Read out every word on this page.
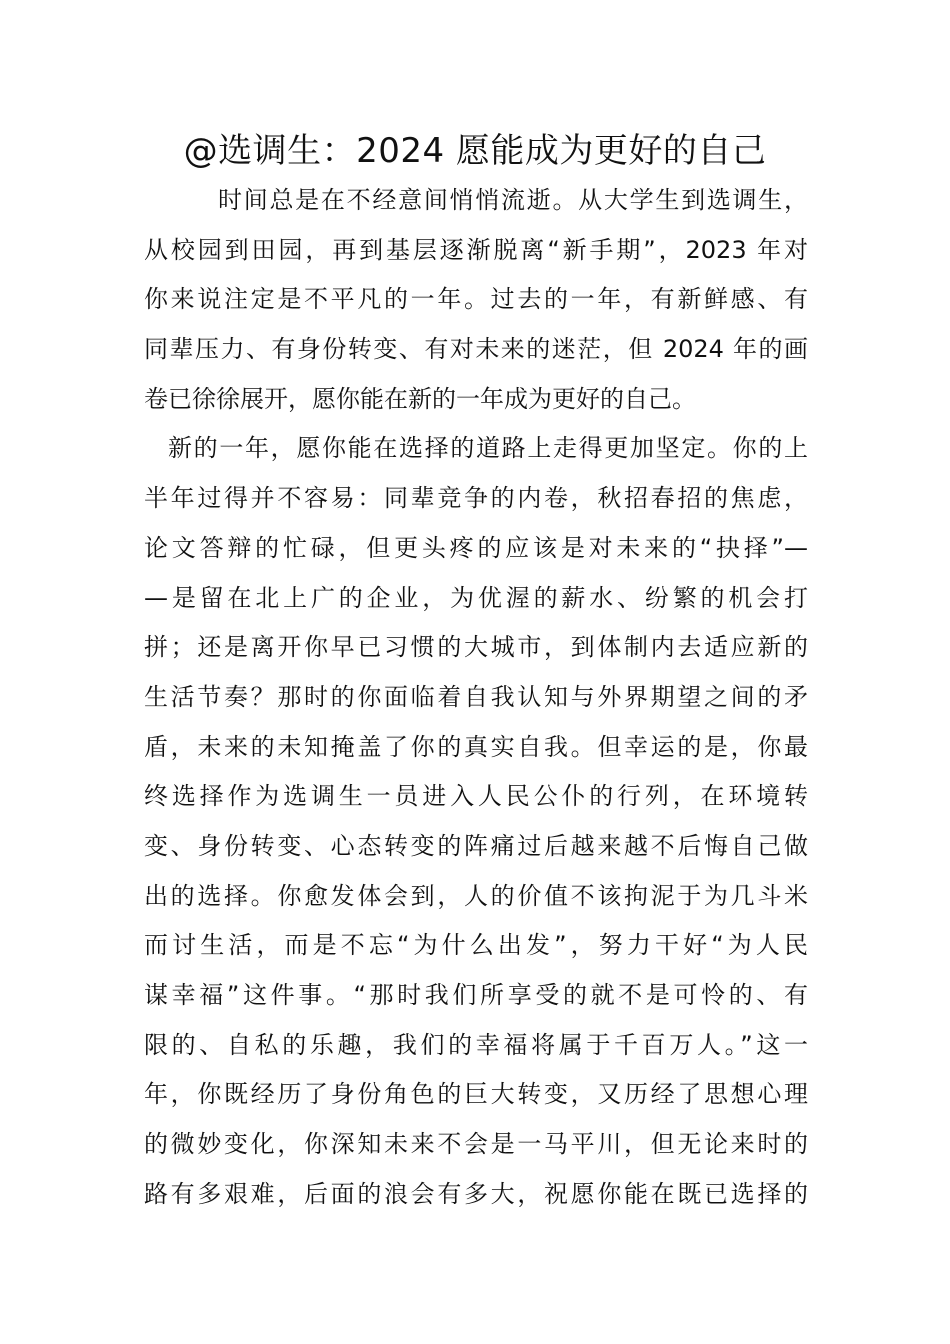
@选调生：2024 愿能成为更好的自己

时间总是在不经意间悄悄流逝。从大学生到选调生，

从校园到田园，再到基层逐渐脱离“新手期”，2023 年对

你来说注定是不平凡的一年。过去的一年，有新鲜感、有

同辈压力、有身份转变、有对未来的迷茫，但 2024 年的画

卷已徐徐展开，愿你能在新的一年成为更好的自己。

新的一年，愿你能在选择的道路上走得更加坚定。你的上

半年过得并不容易：同辈竞争的内卷，秋招春招的焦虑，

论文答辩的忙碌，但更头疼的应该是对未来的“抉择”—

—是留在北上广的企业，为优渥的薪水、纷繁的机会打

拼；还是离开你早已习惯的大城市，到体制内去适应新的

生活节奏？那时的你面临着自我认知与外界期望之间的矛

盾，未来的未知掩盖了你的真实自我。但幸运的是，你最

终选择作为选调生一员进入人民公仆的行列，在环境转

变、身份转变、心态转变的阵痛过后越来越不后悔自己做

出的选择。你愈发体会到，人的价值不该拘泥于为几斗米

而讨生活，而是不忘“为什么出发”，努力干好“为人民

谋幸福”这件事。“那时我们所享受的就不是可怜的、有

限的、自私的乐趣，我们的幸福将属于千百万人。”这一

年，你既经历了身份角色的巨大转变，又历经了思想心理

的微妙变化，你深知未来不会是一马平川，但无论来时的

路有多艰难，后面的浪会有多大，祝愿你能在既已选择的
